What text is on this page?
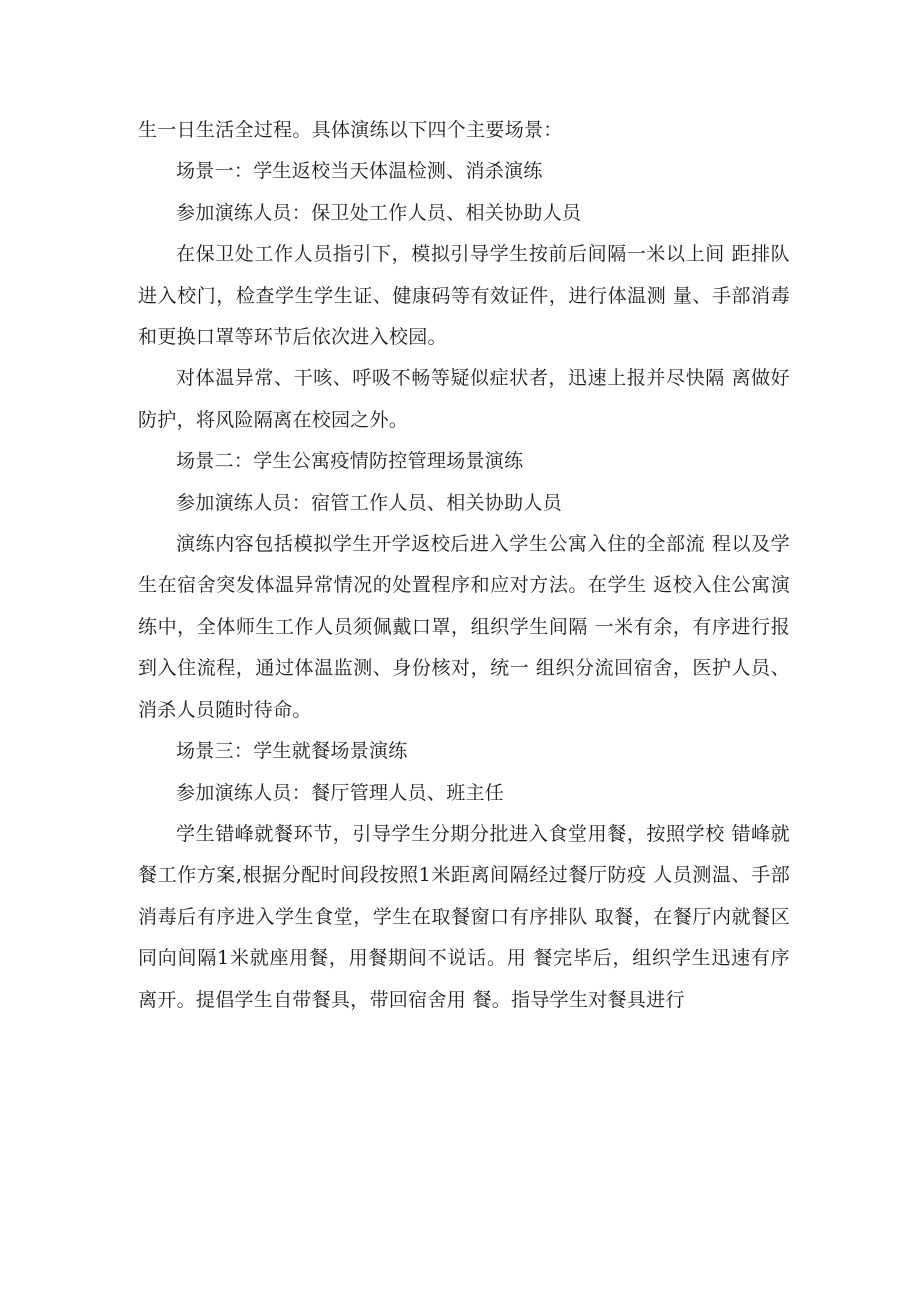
生一日生活全过程。具体演练以下四个主要场景：

场景一：学生返校当天体温检测、消杀演练

参加演练人员：保卫处工作人员、相关协助人员

在保卫处工作人员指引下，模拟引导学生按前后间隔一米以上间 距排队进入校门，检查学生学生证、健康码等有效证件，进行体温测 量、手部消毒和更换口罩等环节后依次进入校园。

对体温异常、干咳、呼吸不畅等疑似症状者，迅速上报并尽快隔 离做好防护，将风险隔离在校园之外。

场景二：学生公寓疫情防控管理场景演练

参加演练人员：宿管工作人员、相关协助人员

演练内容包括模拟学生开学返校后进入学生公寓入住的全部流 程以及学生在宿舍突发体温异常情况的处置程序和应对方法。在学生 返校入住公寓演练中，全体师生工作人员须佩戴口罩，组织学生间隔 一米有余，有序进行报到入住流程，通过体温监测、身份核对，统一 组织分流回宿舍，医护人员、消杀人员随时待命。

场景三：学生就餐场景演练

参加演练人员：餐厅管理人员、班主任

学生错峰就餐环节，引导学生分期分批进入食堂用餐，按照学校 错峰就餐工作方案,根据分配时间段按照1米距离间隔经过餐厅防疫 人员测温、手部消毒后有序进入学生食堂，学生在取餐窗口有序排队 取餐，在餐厅内就餐区同向间隔1米就座用餐，用餐期间不说话。用 餐完毕后，组织学生迅速有序离开。提倡学生自带餐具，带回宿舍用 餐。指导学生对餐具进行
